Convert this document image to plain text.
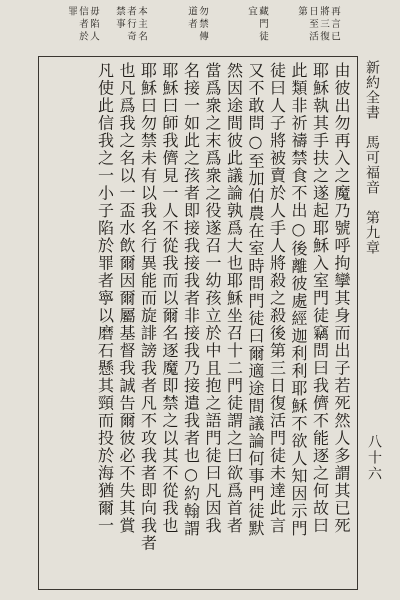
再 言 已 將 三 復 日 至 活 第
藏 門 徒 宜
勿 禁 傳 道 者
本 主 名 者 行 奇 禁 事
毋 陷 人 信 者 於 罪
新約全書　馬可福音　第九章
八十六
由彼出勿再入之魔乃號呼拘攣其身而出子若死然人多謂其已死
耶穌執其手扶之遂起耶穌入室門徒竊問曰我儕不能逐之何故曰
此類非祈禱禁食不出○後離彼處經迦利利耶穌不欲人知因示門
徒曰人子將被賣於人手人將殺之殺後第三日復活門徒未達此言
又不敢問○至加伯農在室時問門徒曰爾適途間議論何事門徒默
然因途間彼此議論孰爲大也耶穌坐召十二門徒謂之曰欲爲首者
當爲衆之末爲衆之役遂召一幼孩立於中且抱之語門徒曰凡因我
名接一如此之孩者即接我接我者非接我乃接遣我者也○約翰謂
耶穌曰師我儕見一人不從我而以爾名逐魔即禁之以其不從我也
耶穌曰勿禁未有以我名行異能而旋誹謗我者凡不攻我者即向我者
也凡爲我之名以一盃水飲爾因爾屬基督我誠告爾彼必不失其賞
凡使此信我之一小子陷於罪者寧以磨石懸其頸而投於海猶爾一
